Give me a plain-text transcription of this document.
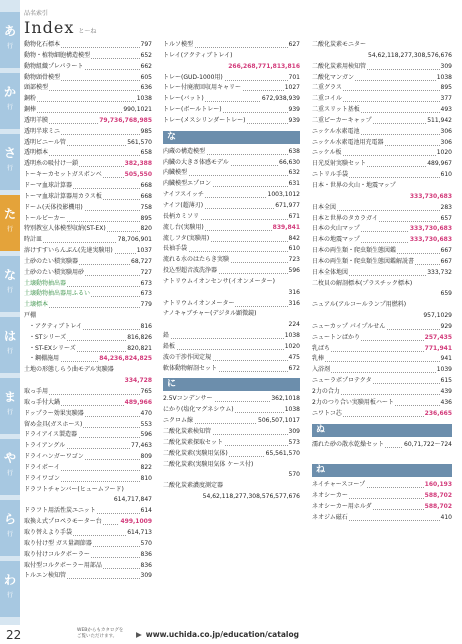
あ
行
か
行
さ
行
た
行
な
行
は
行
ま
行
や
行
ら
行
わ
行
品名索引
Index と〜ね
動物化石標本	797
動物・植物細胞構造模型	652
動物組織プレパラート	662
動物頭骨模型	605
頭部模型	636
銅粉	1038
銅棒	990,1021
透明羊膜	79,736,768,985
透明半球ミニ	985
透明ビニール管	561,570
透明標本	658
透明糸の吸付け一鎖	382,388
トーキーカセットガスボンベ	505,550
ドーマ血球計算器	668
トーマ血球計算器用カラス板	668
ドーム(天体投影機用)	758
トールビーカー	895
特別教室人体模型収納(ST-EX)	820
時計皿	78,706,901
溶けすすいらんぶん(先達実験用)	1037
土砂のたい積実験器	68,727
土砂のたい積実験用砂	727
土壌動物抽出器	673
土壌動物抽出器用ふるい	673
土壌標本	779
戸棚
・アクティブトレイ	816
・STシリーズ	816,826
・ST-EXシリーズ	820,821
・鋼棚施用	84,236,824,825
土地の形態しらう曲モデル実験器
334,728
取っ手用	765
取っ手付大鍋	489,966
ドップラー効果実験器	470
留め金具(ガスホース)	553
ドライアイス製造器	596
トライアングル	77,463
ドライハンガーワゴン	809
ドライボーイ	822
ドライワゴン	810
ドラフトチャンバー(ヒュームフード)
614,717,847
ドラフト用活性炭ユニット	614
取換え式プロペラモーター台	499,1009
取り替えより手袋	614,713
取り付け型 ガス量調節器	570
取り付けコルクボーラー	836
取付型コルクボーラー用部品	836
トルエン検知管	309
トルソ模型	627
トレイ(アクティブトレイ)
266,268,771,813,816
トレー(GUD-1000用)	701
トレー付廃液回収用キャリー	1027
トレー(バット)	672,938,939
トレー(ボールトレー)	939
トレー(メスシリンダートレー)	939
な
内蔵の構造模型	638
内臓の大きさ体感モデル	66,630
内臓模型	632
内臓模型エプロン	631
ナイフスイッチ	1003,1012
ナイフ(超薄刃)	671,977
長柄カミソリ	671
流し台(実験用)	839,841
流しフタ(実験用)	842
長袖手袋	610
流れる水のはたらき実験	723
投込型超音波洗浄器	596
ナトリウムイオンセンサ(イオンメーター)
316
ナトリウムイオンメーター	316
ナノキャブチャー(デジタル顕微鏡)
224
鉛	1038
鉛板	1020
波の干渉作図定規	475
軟体動物解剖セット	672
に
2.5Vコンデンサー	362,1018
にかり(塩化マグネシウム)	1038
ニクロム線	506,507,1017
二酸化炭素検知管	309
二酸化炭素探取セット	573
二酸化炭素(実験用気体)	65,561,570
二酸化炭素(実験用気体 ケース付)
570
二酸化炭素濃度測定器
54,62,118,277,308,576,577,676
二酸化炭素モニター
54,62,118,277,308,576,676
二酸化炭素用検知管	309
二酸化マンガン	1038
二重グラス	895
二重コイル	377
二重スリット基板	493
二重ピーカーキャップ	511,942
ニッケル水素電池	306
ニッケル水素電池用充電器	306
ニッケル板	1020
日光反射実験セット	489,967
ニトリル手袋	610
日本・世界の火山・地震マップ
333,730,683
日本全図	283
日本と世界のタカラガイ	657
日本の火山マップ	333,730,683
日本の地震マップ	333,730,683
日本の両生類・爬虫類生態図鑑	667
日本の両生類・爬虫類生態図鑑解説書	667
日本全体地図	333,732
二枚貝の解剖標本(プラスチック標本)
659
ニュアル(アルコールランプ用燃料)
957,1029
ニューカップ パイプルせん	929
ニュートンばかり	257,435
乳ばち	771,941
乳棒	941
入浴剤	1039
ニューラボプロテクタ	615
2力の合力	439
2力のつり合い実験用板ハート	436
ニワトコ芯	236,665
ぬ
濡れた砂の散水乾燥セット	60,71,722〜724
ね
ネイチャースコープ	160,193
ネオシーカー	588,702
ネオシーカー用ホルダ	588,702
ネオジム磁石	410
22	WEBからもカタログをご覧いただけます。	▶ www.uchida.co.jp/education/catalog
